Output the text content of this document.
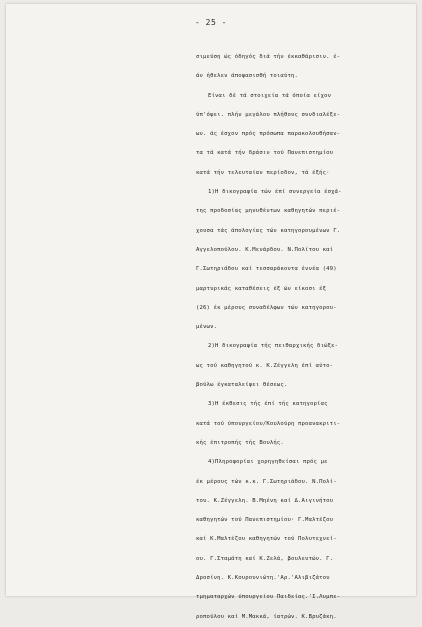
- 25 -
σιμεύση ώς όδηγός διά τήν έκκαθάρισιν. έ-
άν ήθελεν άποφασισθή τοιαύτη.
Είναι δέ τά στοιχεία τά όποία είχον
ύπ'όψει. πλήν μεγάλου πλήθους συνδιαλέξε-
ων. άς έσχον πρός πρόσωπα παρακολουθήσαν-
τα τά κατά τήν δράσιν τού Πανεπιστημίου
κατά τήν τελευταίαν περίοδον, τά έξής·
1)Η δικογραφία τών έπί συνεργεία έσχά-
της προδοσίας μηνυθέντων καθηγητών περιέ-
χουσα τάς άπολογίας τών κατηγορουμένων Γ.
Αγγελοπούλου. Κ.Μενάρδου. Ν.Πολίτου καί
Γ.Σωτηριάδου καί τεσσαράκοντα έννέα (49)
μαρτυρικάς καταθέσεις έξ ών είκοσι έξ
(26) έκ μέρους συναδέλφων τών κατηγορου-
μένων.
2)Η δικογραφία τής πειθαρχικής διώξε-
ως τού καθηγητού κ. Κ.Ζέγγελη έπί αύτο-
βούλω έγκαταλείψει θέσεως.
3)Η έκθεσις τής έπί τής κατηγορίας
κατά τού ύπουργείου/Κουλούρη προανακριτι-
κής έπιτροπής τής Βουλής.
4)Πληροφορίαι χορηγηθείσαι πρός με
έκ μέρους τών κ.κ. Γ.Σωτηριάδου. Ν.Πολί-
του. Κ.Ζέγγελη. Β.Μηένη καί Δ.Αιγινήτου
καθηγητών τού Πανεπιστημίου· Γ.Μαλτέζου
καί Κ.Μαλτέζου καθηγητών τού Πολυτεχνεί-
ου. Γ.Σταμάτη καί Κ.Ζελά, βουλευτών. Γ.
Δροσίνη. Κ.Κουρουνιώτη.'Αρ.'Αλιβιζάτου
τμηματαρχών ύπουργείου Παιδείας.'Ι.Λυμπε-
ροπούλου καί Μ.Μακκά, ίατρών. Κ.Βρυζάκη.
